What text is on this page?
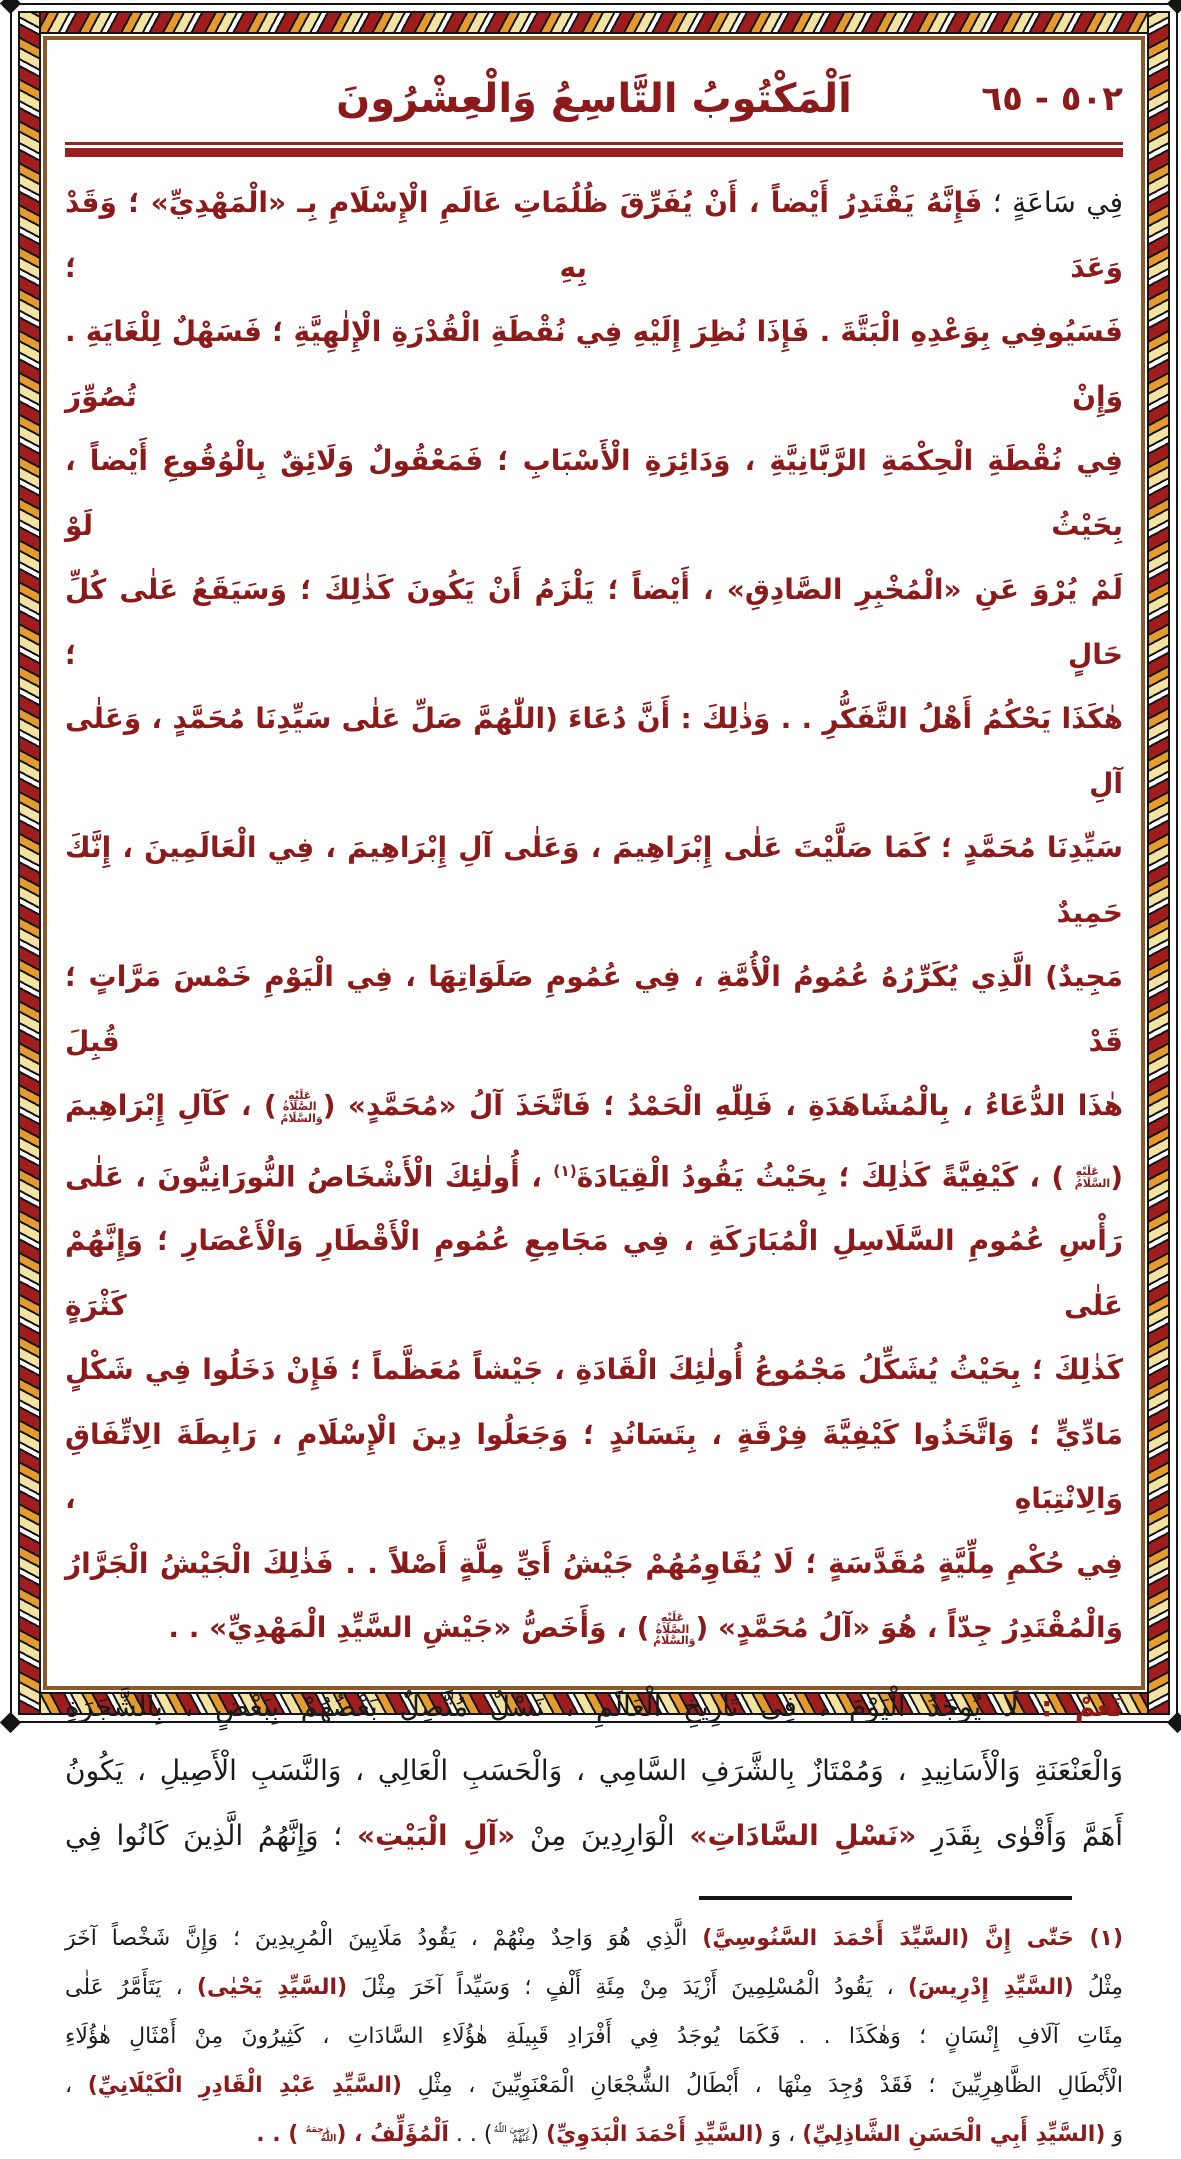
٥٠٢ - ٦٥
اَلْمَكْتُوبُ التَّاسِعُ وَالْعِشْرُونَ
فِي سَاعَةٍ ؛ فَإِنَّهُ يَقْتَدِرُ أَيْضاً ، أَنْ يُفَرِّقَ ظُلُمَاتِ عَالَمِ الْإِسْلَامِ بِـ «الْمَهْدِيِّ» ؛ وَقَدْ وَعَدَ بِهِ ؛
فَسَيُوفِي بِوَعْدِهِ الْبَتَّةَ . فَإِذَا نُظِرَ إِلَيْهِ فِي نُقْطَةِ الْقُدْرَةِ الْإِلٰهِيَّةِ ؛ فَسَهْلٌ لِلْغَايَةِ . وَإِنْ تُصُوِّرَ
فِي نُقْطَةِ الْحِكْمَةِ الرَّبَّانِيَّةِ ، وَدَائِرَةِ الْأَسْبَابِ ؛ فَمَعْقُولٌ وَلَائِقٌ بِالْوُقُوعِ أَيْضاً ، بِحَيْثُ لَوْ
لَمْ يُرْوَ عَنِ «الْمُخْبِرِ الصَّادِقِ» ، أَيْضاً ؛ يَلْزَمُ أَنْ يَكُونَ كَذٰلِكَ ؛ وَسَيَقَعُ عَلٰى كُلِّ حَالٍ ؛
هٰكَذَا يَحْكُمُ أَهْلُ التَّفَكُّرِ . . وَذٰلِكَ : أَنَّ دُعَاءَ (اللّٰهُمَّ صَلِّ عَلٰى سَيِّدِنَا مُحَمَّدٍ ، وَعَلٰى آلِ
سَيِّدِنَا مُحَمَّدٍ ؛ كَمَا صَلَّيْتَ عَلٰى إِبْرَاهِيمَ ، وَعَلٰى آلِ إِبْرَاهِيمَ ، فِي الْعَالَمِينَ ، إِنَّكَ حَمِيدٌ
مَجِيدٌ) الَّذِي يُكَرِّرُهُ عُمُومُ الْأُمَّةِ ، فِي عُمُومِ صَلَوَاتِهَا ، فِي الْيَوْمِ خَمْسَ مَرَّاتٍ ؛ قَدْ قُبِلَ
هٰذَا الدُّعَاءُ ، بِالْمُشَاهَدَةِ ، فَلِلّٰهِ الْحَمْدُ ؛ فَاتَّخَذَ آلُ «مُحَمَّدٍ» (عَلَيْهِ الصَّلَاةُ وَالسَّلَامُ) ، كَآلِ إِبْرَاهِيمَ
(عَلَيْهِ السَّلَامُ) ، كَيْفِيَّةً كَذٰلِكَ ؛ بِحَيْثُ يَقُودُ الْقِيَادَةَ$^{(١)}$ ، أُولٰئِكَ الْأَشْخَاصُ النُّورَانِيُّونَ ، عَلٰى
رَأْسِ عُمُومِ السَّلَاسِلِ الْمُبَارَكَةِ ، فِي مَجَامِعِ عُمُومِ الْأَقْطَارِ وَالْأَعْصَارِ ؛ وَإِنَّهُمْ عَلٰى كَثْرَةٍ
كَذٰلِكَ ؛ بِحَيْثُ يُشَكِّلُ مَجْمُوعُ أُولٰئِكَ الْقَادَةِ ، جَيْشاً مُعَظَّماً ؛ فَإِنْ دَخَلُوا فِي شَكْلٍ
مَادِّيٍّ ؛ وَاتَّخَذُوا كَيْفِيَّةَ فِرْقَةٍ ، بِتَسَانُدٍ ؛ وَجَعَلُوا دِينَ الْإِسْلَامِ ، رَابِطَةَ الِاتِّفَاقِ وَالِانْتِبَاهِ ،
فِي حُكْمِ مِلِّيَّةٍ مُقَدَّسَةٍ ؛ لَا يُقَاوِمُهُمْ جَيْشُ أَيِّ مِلَّةٍ أَصْلاً . . فَذٰلِكَ الْجَيْشُ الْجَرَّارُ
وَالْمُقْتَدِرُ جِدّاً ، هُوَ «آلُ مُحَمَّدٍ» (عَلَيْهِ الصَّلَاةُ وَالسَّلَامُ) ، وَأَخَصُّ «جَيْشِ السَّيِّدِ الْمَهْدِيِّ» . .
نَعَمْ : لَا يُوجَدُ الْيَوْمَ ، فِي تَارِيخِ الْعَالَمِ ، نَسْلٌ مُتَّصِلٌ بَعْضُهُمْ بِبَعْضٍ ، بِالشَّجَرَةِ
وَالْعَنْعَنَةِ وَالْأَسَانِيدِ ، وَمُمْتَازٌ بِالشَّرَفِ السَّامِي ، وَالْحَسَبِ الْعَالِي ، وَالنَّسَبِ الْأَصِيلِ ، يَكُونُ
أَهَمَّ وَأَقْوٰى بِقَدَرِ «نَسْلِ السَّادَاتِ» الْوَارِدِينَ مِنْ «آلِ الْبَيْتِ» ؛ وَإِنَّهُمُ الَّذِينَ كَانُوا فِي
(١) حَتّٰى إِنَّ (السَّيِّدَ أَحْمَدَ السَّنُوسِيَّ) الَّذِي هُوَ وَاحِدٌ مِنْهُمْ ، يَقُودُ مَلَايِينَ الْمُرِيدِينَ ؛ وَإِنَّ شَخْصاً آخَرَ
مِثْلُ (السَّيِّدِ إِدْرِيسَ) ، يَقُودُ الْمُسْلِمِينَ أَزْيَدَ مِنْ مِئَةِ أَلْفٍ ؛ وَسَيِّداً آخَرَ مِثْلَ (السَّيِّدِ يَحْيٰى) ، يَتَأَمَّرُ عَلٰى
مِئَاتِ آلَافِ إِنْسَانٍ ؛ وَهٰكَذَا . . فَكَمَا يُوجَدُ فِي أَفْرَادِ قَبِيلَةِ هٰؤُلَاءِ السَّادَاتِ ، كَثِيرُونَ مِنْ أَمْثَالِ هٰؤُلَاءِ
الْأَبْطَالِ الظَّاهِرِيِّينَ ؛ فَقَدْ وُجِدَ مِنْهَا ، أَبْطَالُ الشُّجْعَانِ الْمَعْنَوِيِّينَ ، مِثْلِ (السَّيِّدِ عَبْدِ الْقَادِرِ الْكَيْلَانِيِّ) ،
وَ (السَّيِّدِ أَبِي الْحَسَنِ الشَّاذِلِيِّ) ، وَ (السَّيِّدِ أَحْمَدَ الْبَدَوِيِّ) (رَضِيَ اللّٰهُ عَنْهُمْ) . . اَلْمُؤَلِّفُ ، (رَحِمَهُ اللّٰهُ) . .
